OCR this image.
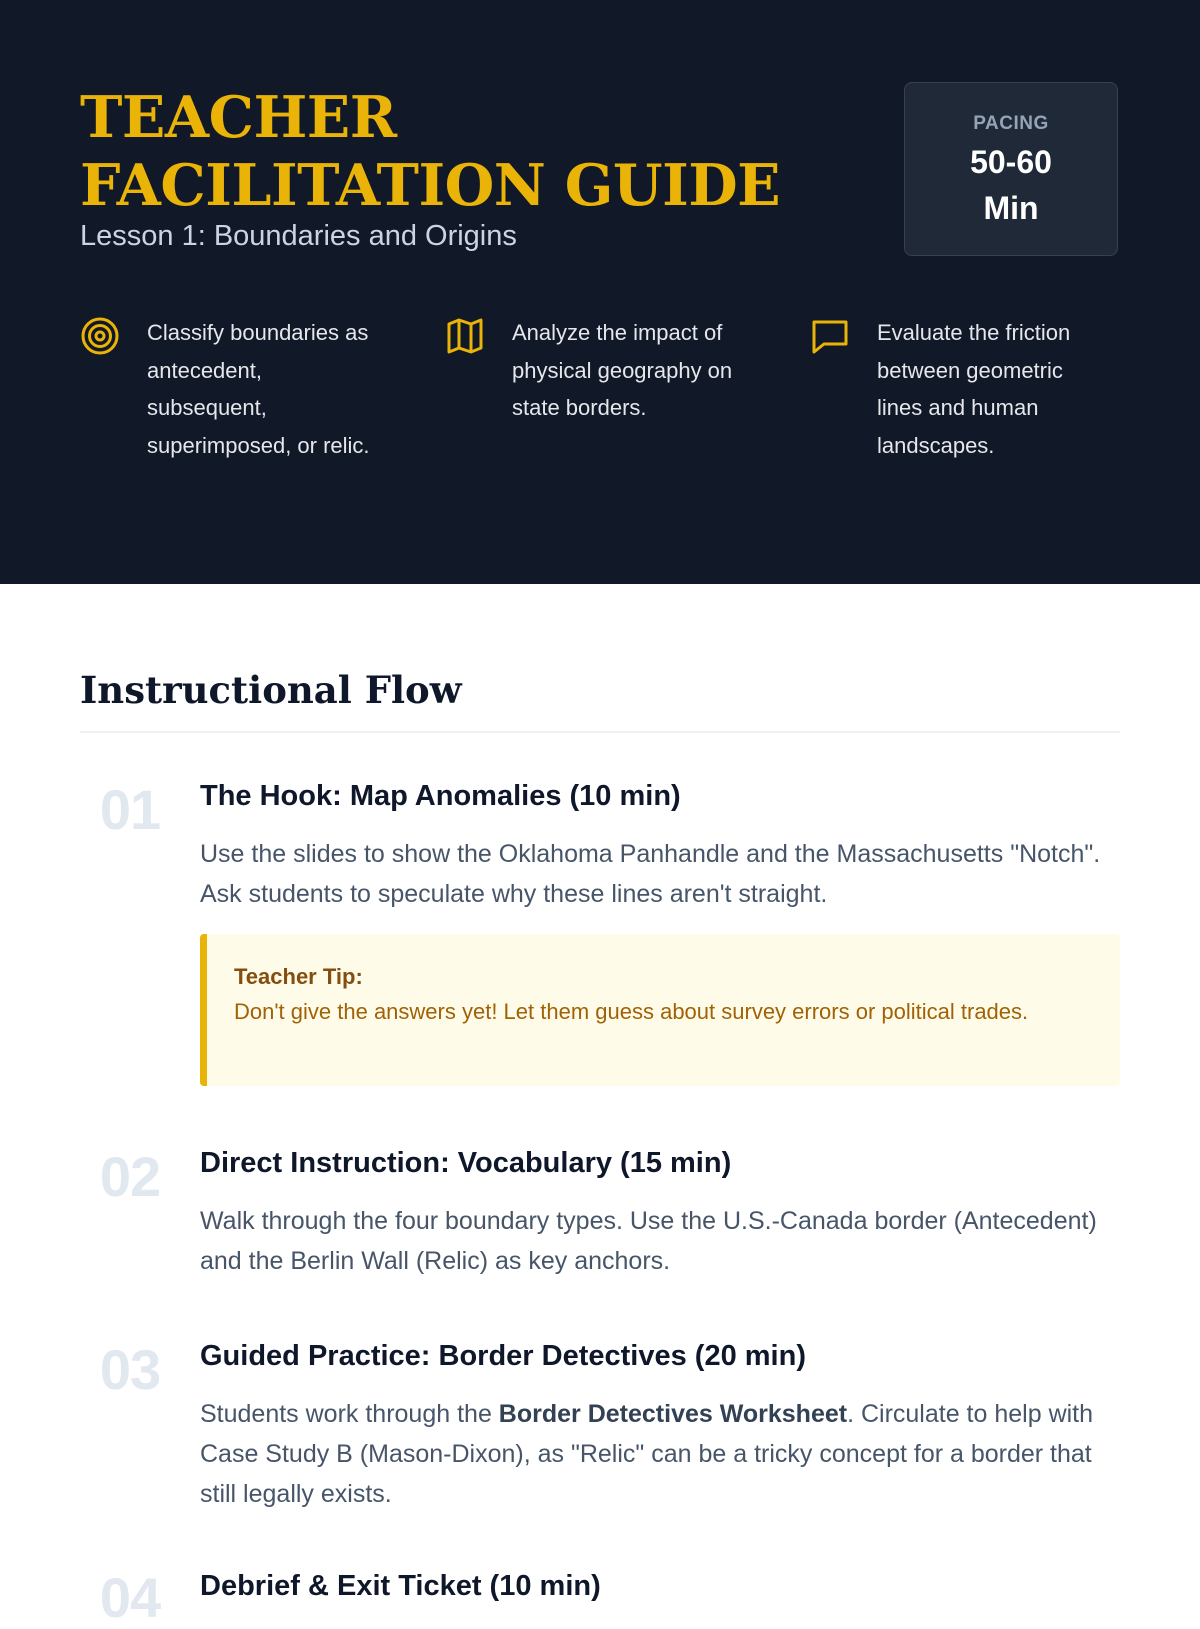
TEACHER FACILITATION GUIDE
Lesson 1: Boundaries and Origins
PACING
50-60 Min
Classify boundaries as antecedent, subsequent, superimposed, or relic.
Analyze the impact of physical geography on state borders.
Evaluate the friction between geometric lines and human landscapes.
Instructional Flow
01	The Hook: Map Anomalies (10 min)

Use the slides to show the Oklahoma Panhandle and the Massachusetts "Notch". Ask students to speculate why these lines aren't straight.

Teacher Tip:
Don't give the answers yet! Let them guess about survey errors or political trades.
02	Direct Instruction: Vocabulary (15 min)

Walk through the four boundary types. Use the U.S.-Canada border (Antecedent) and the Berlin Wall (Relic) as key anchors.

03	Guided Practice: Border Detectives (20 min)

Students work through the Border Detectives Worksheet. Circulate to help with Case Study B (Mason-Dixon), as "Relic" can be a tricky concept for a border that still legally exists.

04	Debrief & Exit Ticket (10 min)
